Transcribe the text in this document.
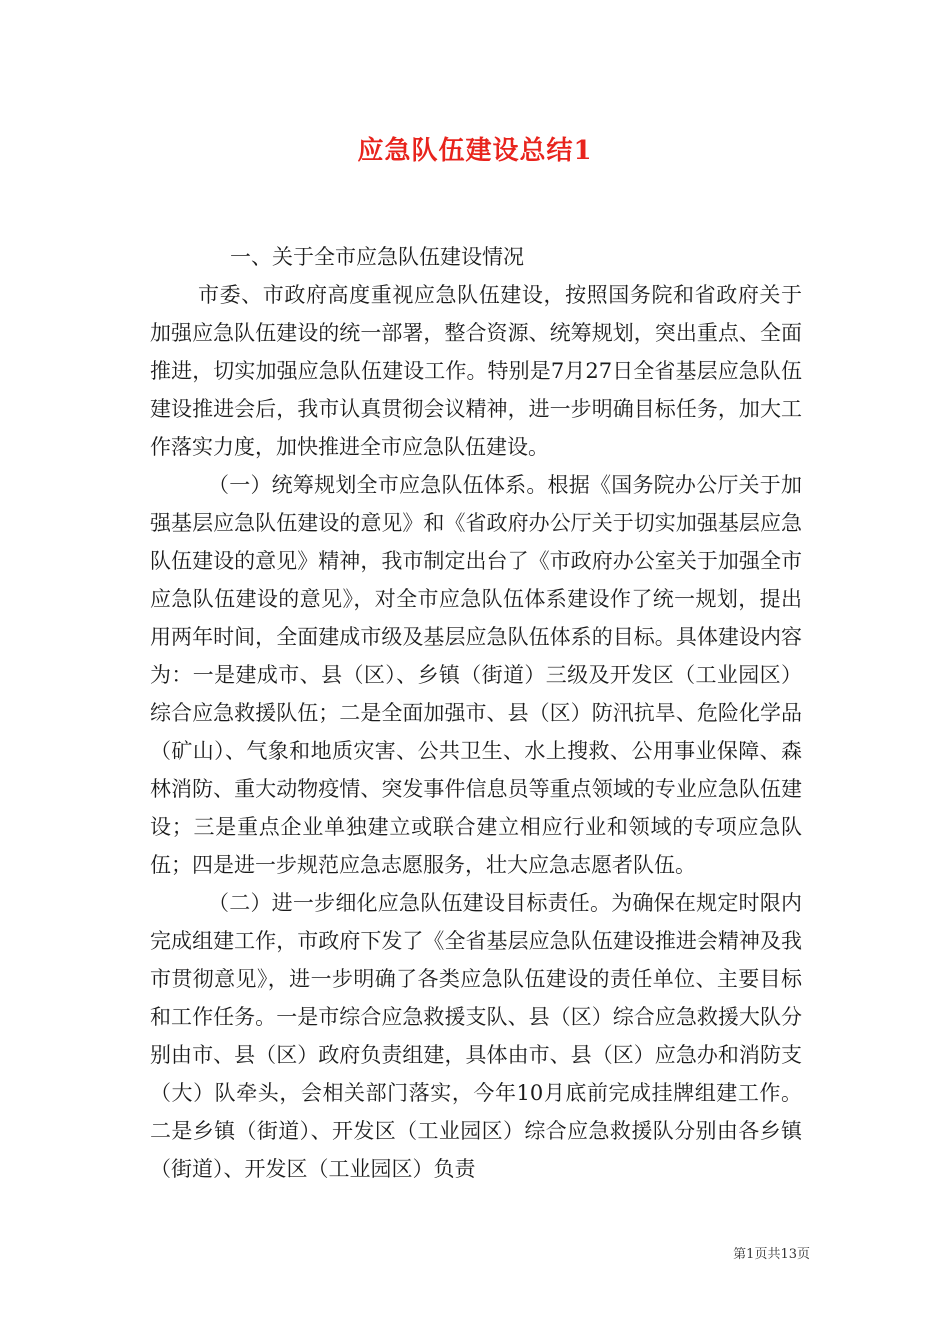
应急队伍建设总结1

一、关于全市应急队伍建设情况

市委、市政府高度重视应急队伍建设，按照国务院和省政府关于加强应急队伍建设的统一部署，整合资源、统筹规划，突出重点、全面推进，切实加强应急队伍建设工作。特别是7月27日全省基层应急队伍建设推进会后，我市认真贯彻会议精神，进一步明确目标任务，加大工作落实力度，加快推进全市应急队伍建设。

（一）统筹规划全市应急队伍体系。根据《国务院办公厅关于加强基层应急队伍建设的意见》和《省政府办公厅关于切实加强基层应急队伍建设的意见》精神，我市制定出台了《市政府办公室关于加强全市应急队伍建设的意见》，对全市应急队伍体系建设作了统一规划，提出用两年时间，全面建成市级及基层应急队伍体系的目标。具体建设内容为：一是建成市、县（区）、乡镇（街道）三级及开发区（工业园区）综合应急救援队伍；二是全面加强市、县（区）防汛抗旱、危险化学品（矿山）、气象和地质灾害、公共卫生、水上搜救、公用事业保障、森林消防、重大动物疫情、突发事件信息员等重点领域的专业应急队伍建设；三是重点企业单独建立或联合建立相应行业和领域的专项应急队伍；四是进一步规范应急志愿服务，壮大应急志愿者队伍。

（二）进一步细化应急队伍建设目标责任。为确保在规定时限内完成组建工作，市政府下发了《全省基层应急队伍建设推进会精神及我市贯彻意见》，进一步明确了各类应急队伍建设的责任单位、主要目标和工作任务。一是市综合应急救援支队、县（区）综合应急救援大队分别由市、县（区）政府负责组建，具体由市、县（区）应急办和消防支（大）队牵头，会相关部门落实，今年10月底前完成挂牌组建工作。二是乡镇（街道）、开发区（工业园区）综合应急救援队分别由各乡镇（街道）、开发区（工业园区）负责

第1页共13页
